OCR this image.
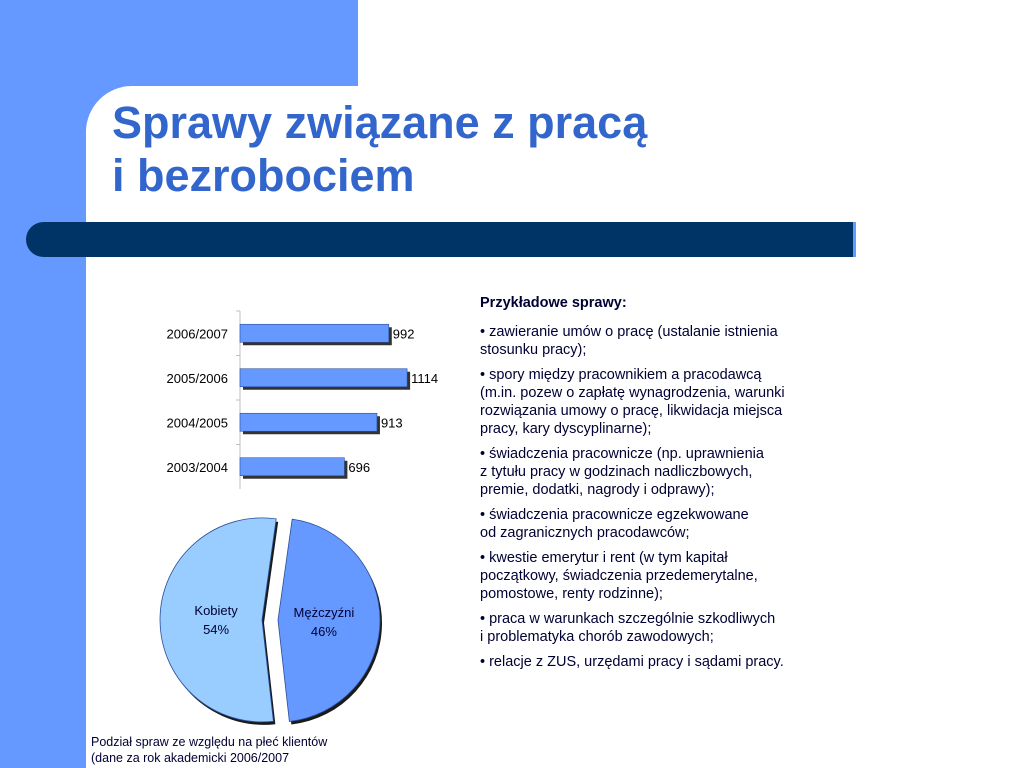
Sprawy związane z pracą
i bezrobociem
2006/2007	992
2005/2006	1114
2004/2005	913
2003/2004	696
Mężczyźni
46%
Kobiety
54%
Podział spraw ze względu na płeć klientów
(dane za rok akademicki 2006/2007
Przykładowe sprawy:
• zawieranie umów o pracę (ustalanie istnienia
stosunku pracy);
• spory między pracownikiem a pracodawcą
(m.in. pozew o zapłatę wynagrodzenia, warunki
rozwiązania umowy o pracę, likwidacja miejsca
pracy, kary dyscyplinarne);
• świadczenia pracownicze (np. uprawnienia
z tytułu pracy w godzinach nadliczbowych,
premie, dodatki, nagrody i odprawy);
• świadczenia pracownicze egzekwowane
od zagranicznych pracodawców;
• kwestie emerytur i rent (w tym kapitał
początkowy, świadczenia przedemerytalne,
pomostowe, renty rodzinne);
• praca w warunkach szczególnie szkodliwych
i problematyka chorób zawodowych;
• relacje z ZUS, urzędami pracy i sądami pracy.
